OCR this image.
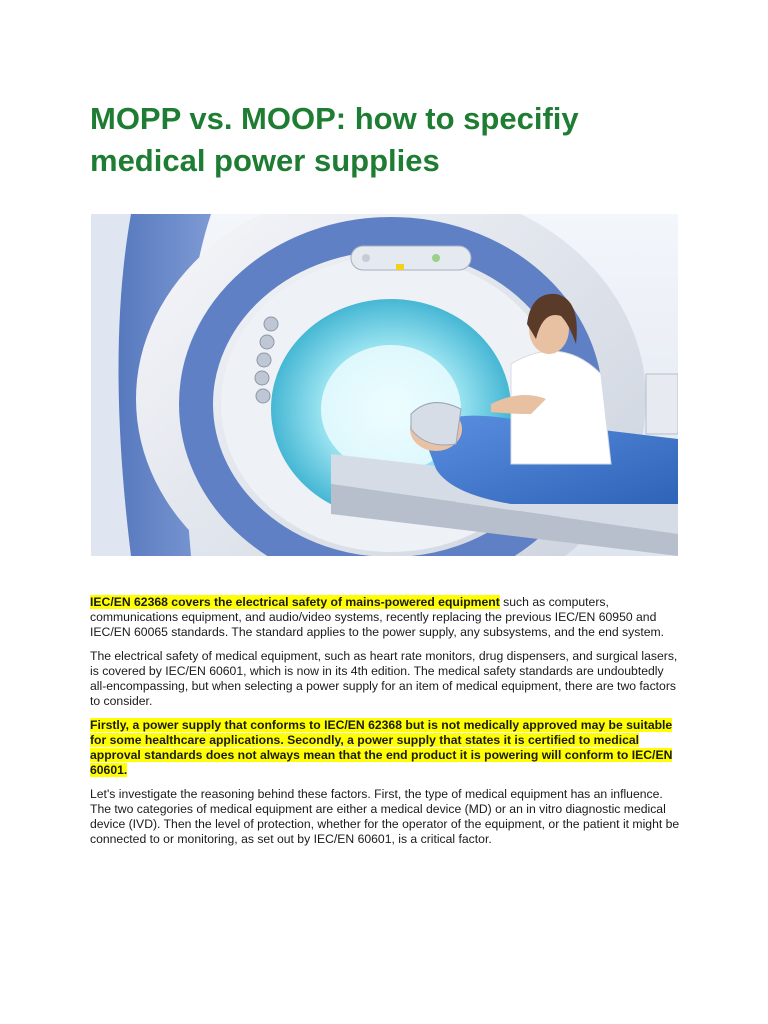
MOPP vs. MOOP: how to specifiy medical power supplies

IEC/EN 62368 covers the electrical safety of mains-powered equipment such as computers, communications equipment, and audio/video systems, recently replacing the previous IEC/EN 60950 and IEC/EN 60065 standards. The standard applies to the power supply, any subsystems, and the end system.

The electrical safety of medical equipment, such as heart rate monitors, drug dispensers, and surgical lasers, is covered by IEC/EN 60601, which is now in its 4th edition. The medical safety standards are undoubtedly all-encompassing, but when selecting a power supply for an item of medical equipment, there are two factors to consider.

Firstly, a power supply that conforms to IEC/EN 62368 but is not medically approved may be suitable for some healthcare applications. Secondly, a power supply that states it is certified to medical approval standards does not always mean that the end product it is powering will conform to IEC/EN 60601.

Let's investigate the reasoning behind these factors. First, the type of medical equipment has an influence. The two categories of medical equipment are either a medical device (MD) or an in vitro diagnostic medical device (IVD). Then the level of protection, whether for the operator of the equipment, or the patient it might be connected to or monitoring, as set out by IEC/EN 60601, is a critical factor.
